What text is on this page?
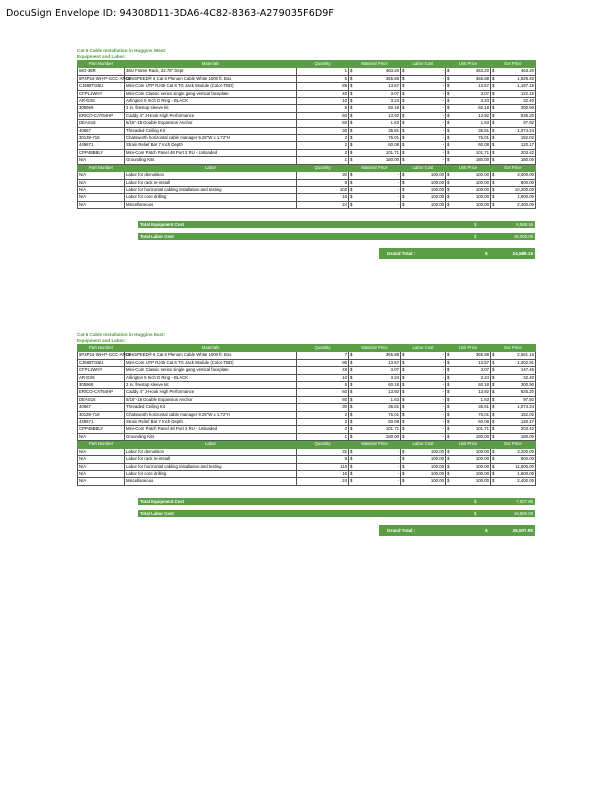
DocuSign Envelope ID: 94308D11-3DA6-4C82-8363-A279035F6D9F
Cat 6 Cable Installation in Huggins West:
Equipment and Labor:
Part Number	Materials	Quantity	Material Price	Labor Cost	Unit Price	Ext Price
WO-36R	38U Frame Rack, 22.75" Dept	1	$ 463.20	$ -	$ 463.20	$ 463.20

6P4P24-WH-P-GCC-APCE	GenSPEED® 6 Cat 6 Plenum Cable White 1000 ft. Box	5	$ 365.88	$ -	$ 365.88	$ 1,829.40

CJ688TGBU	Mini-Com UTP RJ45 Cat 6 TG Jack Module (Color-TBD)	86	$ 13.57	$ -	$ 13.57	$ 1,167.19

CFPL1WHY	Mini-Com Classic series single gang vertical faceplate	40	$ 3.07	$ -	$ 3.07	$ 122.16

AR-D3S	Arlington 5 Inch D Ring - BLACK	10	$ 3.24	$ -	$ 3.24	$ 32.40

305969	2 in. firestop sleeve kit	5	$ 60.18	$ -	$ 60.18	$ 300.90

ERICO-CAT64HP	Caddy 4" J-Hook High Performance	60	$ 13.92	$ -	$ 13.92	$ 835.20

DEAS16	5/16"-18 Double Expansion Anchor	60	$ 1.63	$ -	$ 1.63	$ 97.92

40667	Threaded Ceiling Kit	30	$ 35.81	$ -	$ 35.81	$ 1,074.24

30139-719	Chatsworth horizontal cable manager 9.25"W x 1.72"H	2	$ 76.01	$ -	$ 76.01	$ 152.02

449671	Strain Relief Bar 7 Inch Depth	2	$ 60.08	$ -	$ 60.08	$ 120.17

CPP48BBLY	Mini-Com Patch Panel 48 Port 2 RU - Unloaded	2	$ 101.71	$ -	$ 101.71	$ 203.42

N/A	Grounding Kits	1	$ 180.00	$ -	$ 180.00	$ 180.00

Part Number	Labor	Quantity	Material Price	Labor Cost	Unit Price	Ext Price
N/A	Labor for demolition	30	$ -	$ 100.00	$ 100.00	$ 3,000.00

N/A	Labor for rack re-install	8	$ -	$ 100.00	$ 100.00	$ 800.00

N/A	Labor for horizontal cabling installation and testing	102	$ -	$ 100.00	$ 100.00	$ 10,200.00

N/A	Labor for core drilling	16	$ -	$ 100.00	$ 100.00	$ 1,600.00

N/A	Miscellaneous	24	$ -	$ 100.00	$ 100.00	$ 2,400.00
Total Equipment Cost	$	6,588.16
Total Labor Cost	$	18,000.00
Grand Total :	$	24,588.16
Cat 6 Cable Installation in Huggins East:
Equipment and Labor:
Part Number	Materials	Quantity	Material Price	Labor Cost	Unit Price	Ext Price
6P4P24-WH-P-GCC-APCE	GenSPEED® 6 Cat 6 Plenum Cable White 1000 ft. Box	7	$ 365.88	$ -	$ 365.88	$ 2,561.16

CJ688TGBU	Mini-Com UTP RJ45 Cat 6 TG Jack Module (Color-TBD)	96	$ 13.57	$ -	$ 13.57	$ 1,302.91

CFPL1WHY	Mini-Com Classic series single gang vertical faceplate	48	$ 3.07	$ -	$ 3.07	$ 147.46

AR-D3S	Arlington 5 Inch D Ring - BLACK	10	$ 3.24	$ -	$ 3.24	$ 32.40

305969	2 in. firestop sleeve kit	5	$ 60.18	$ -	$ 60.18	$ 300.90

ERICO-CAT64HP	Caddy 4" J-Hook High Performance	60	$ 13.92	$ -	$ 13.92	$ 835.20

DEAS16	5/16"-18 Double Expansion Anchor	60	$ 1.63	$ -	$ 1.63	$ 97.92

40667	Threaded Ceiling Kit	30	$ 35.81	$ -	$ 35.81	$ 1,074.24

30139-719	Chatsworth horizontal cable manager 9.25"W x 1.72"H	2	$ 76.01	$ -	$ 76.01	$ 152.02

449671	Strain Relief Bar 7 Inch Depth	2	$ 60.08	$ -	$ 60.08	$ 120.17

CPP48BBLY	Mini-Com Patch Panel 48 Port 2 RU - Unloaded	2	$ 101.71	$ -	$ 101.71	$ 203.42

N/A	Grounding Kits	1	$ 180.00	$ -	$ 180.00	$ 180.00

Part Number	Labor	Quantity	Material Price	Labor Cost	Unit Price	Ext Price
N/A	Labor for demolition	32	$ -	$ 100.00	$ 100.00	$ 3,200.00

N/A	Labor for rack re-install	8	$ -	$ 100.00	$ 100.00	$ 800.00

N/A	Labor for horizontal cabling installation and testing	115	$ -	$ 100.00	$ 100.00	$ 11,500.00

N/A	Labor for core drilling	16	$ -	$ 100.00	$ 100.00	$ 1,600.00

N/A	Miscellaneous	24	$ -	$ 100.00	$ 100.00	$ 2,400.00
Total Equipment Cost	$	7,007.80
Total Labor Cost	$	19,500.00
Grand Total :	$	26,507.80
